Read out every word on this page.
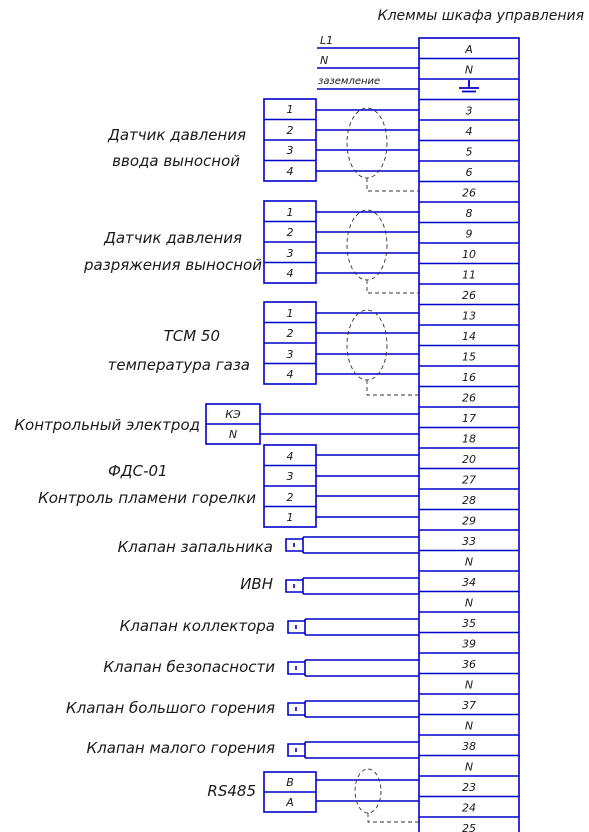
Клеммы шкафа управления
A
N
3
4
5
6
26
8
9
10
11
26
13
14
15
16
26
17
18
20
27
28
29
33
N
34
N
35
39
36
N
37
N
38
N
23
24
25
L1
N
заземление
1
2
3
4
Датчик давления
ввода выносной
1
2
3
4
Датчик давления
разряжения выносной
1
2
3
4
ТСМ 50
температура газа
КЭ
N
Контрольный электрод
4
3
2
1
ФДС-01
Контроль пламени горелки
Клапан запальника
ИВН
Клапан коллектора
Клапан безопасности
Клапан большого горения
Клапан малого горения
B
A
RS485
